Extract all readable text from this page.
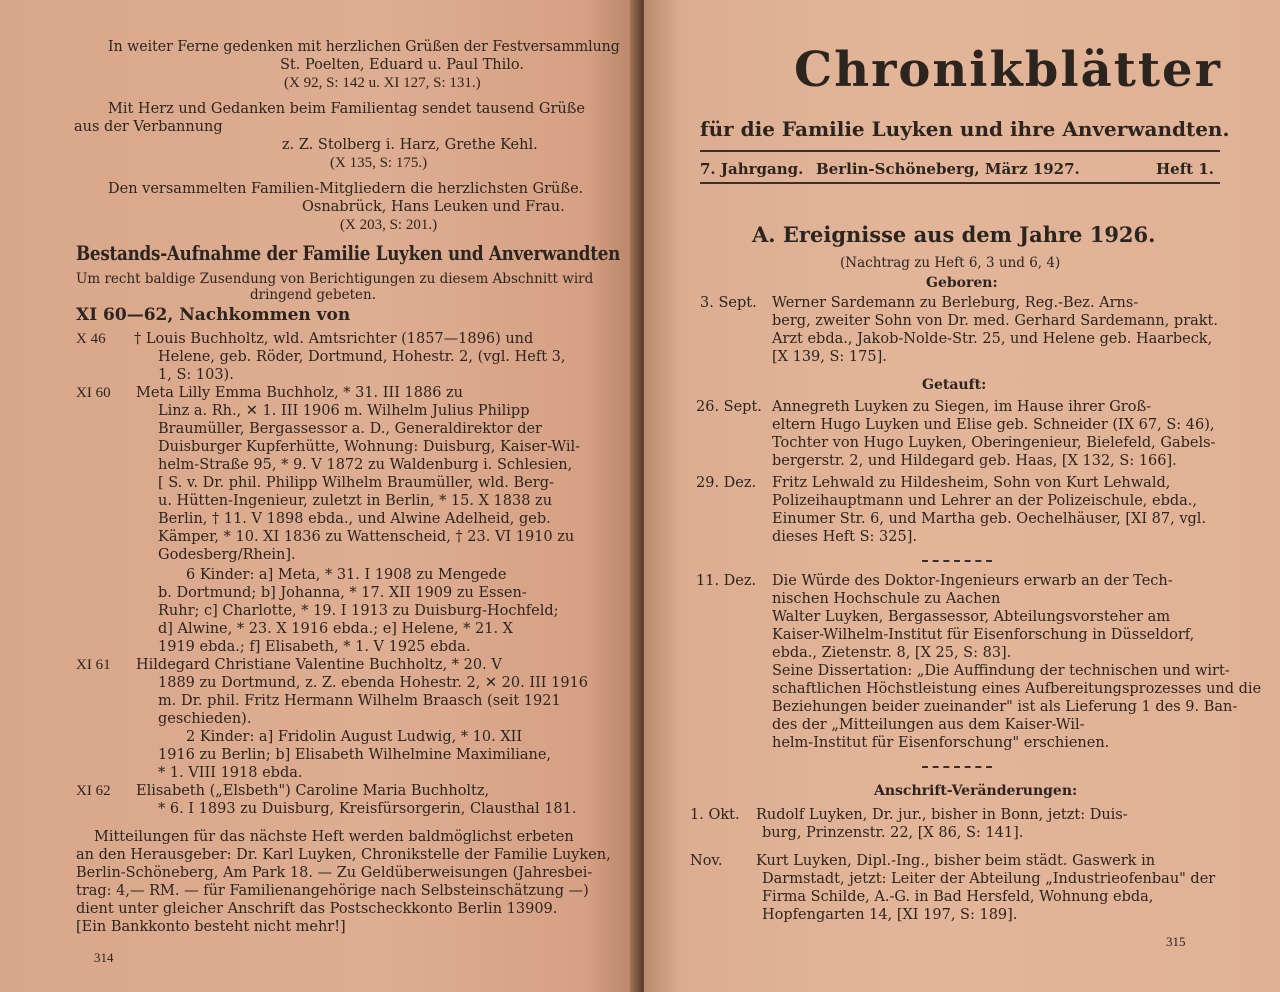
In weiter Ferne gedenken mit herzlichen Grüßen der Festversammlung
St. Poelten, Eduard u. Paul Thilo.
(X 92, S: 142 u. XI 127, S: 131.)
Mit Herz und Gedanken beim Familientag sendet tausend Grüße
aus der Verbannung
z. Z. Stolberg i. Harz, Grethe Kehl.
(X 135, S: 175.)
Den versammelten Familien-Mitgliedern die herzlichsten Grüße.
Osnabrück, Hans Leuken und Frau.
(X 203, S: 201.)
Bestands-Aufnahme der Familie Luyken und Anverwandten
Um recht baldige Zusendung von Berichtigungen zu diesem Abschnitt wird
dringend gebeten.
XI 60—62, Nachkommen von
X 46 † Louis Buchholtz, wld. Amtsrichter (1857—1896) und
Helene, geb. Röder, Dortmund, Hohestr. 2, (vgl. Heft 3,
1, S: 103).
XI 60 Meta Lilly Emma Buchholz, * 31. III 1886 zu
Linz a. Rh., ✕ 1. III 1906 m. Wilhelm Julius Philipp
Braumüller, Bergassessor a. D., Generaldirektor der
Duisburger Kupferhütte, Wohnung: Duisburg, Kaiser-Wil-
helm-Straße 95, * 9. V 1872 zu Waldenburg i. Schlesien,
[ S. v. Dr. phil. Philipp Wilhelm Braumüller, wld. Berg-
u. Hütten-Ingenieur, zuletzt in Berlin, * 15. X 1838 zu
Berlin, † 11. V 1898 ebda., und Alwine Adelheid, geb.
Kämper, * 10. XI 1836 zu Wattenscheid, † 23. VI 1910 zu
Godesberg/Rhein].
6 Kinder: a] Meta, * 31. I 1908 zu Mengede
b. Dortmund; b] Johanna, * 17. XII 1909 zu Essen-
Ruhr; c] Charlotte, * 19. I 1913 zu Duisburg-Hochfeld;
d] Alwine, * 23. X 1916 ebda.; e] Helene, * 21. X
1919 ebda.; f] Elisabeth, * 1. V 1925 ebda.
XI 61 Hildegard Christiane Valentine Buchholtz, * 20. V
1889 zu Dortmund, z. Z. ebenda Hohestr. 2, ✕ 20. III 1916
m. Dr. phil. Fritz Hermann Wilhelm Braasch (seit 1921
geschieden).
2 Kinder: a] Fridolin August Ludwig, * 10. XII
1916 zu Berlin; b] Elisabeth Wilhelmine Maximiliane,
* 1. VIII 1918 ebda.
XI 62 Elisabeth („Elsbeth") Caroline Maria Buchholtz,
* 6. I 1893 zu Duisburg, Kreisfürsorgerin, Clausthal 181.
Mitteilungen für das nächste Heft werden baldmöglichst erbeten
an den Herausgeber: Dr. Karl Luyken, Chronikstelle der Familie Luyken,
Berlin-Schöneberg, Am Park 18. — Zu Geldüberweisungen (Jahresbei-
trag: 4,— RM. — für Familienangehörige nach Selbsteinschätzung —)
dient unter gleicher Anschrift das Postscheckkonto Berlin 13909.
[Ein Bankkonto besteht nicht mehr!]
314
Chronikblätter
für die Familie Luyken und ihre Anverwandten.
7. Jahrgang. Berlin-Schöneberg, März 1927.	Heft 1.
A. Ereignisse aus dem Jahre 1926.
(Nachtrag zu Heft 6, 3 und 6, 4)
Geboren:
3. Sept. Werner Sardemann zu Berleburg, Reg.-Bez. Arns-
berg, zweiter Sohn von Dr. med. Gerhard Sardemann, prakt.
Arzt ebda., Jakob-Nolde-Str. 25, und Helene geb. Haarbeck,
[X 139, S: 175].
Getauft:
26. Sept. Annegreth Luyken zu Siegen, im Hause ihrer Groß-
eltern Hugo Luyken und Elise geb. Schneider (IX 67, S: 46),
Tochter von Hugo Luyken, Oberingenieur, Bielefeld, Gabels-
bergerstr. 2, und Hildegard geb. Haas, [X 132, S: 166].
29. Dez. Fritz Lehwald zu Hildesheim, Sohn von Kurt Lehwald,
Polizeihauptmann und Lehrer an der Polizeischule, ebda.,
Einumer Str. 6, und Martha geb. Oechelhäuser, [XI 87, vgl.
dieses Heft S: 325].
11. Dez. Die Würde des Doktor-Ingenieurs erwarb an der Tech-
nischen Hochschule zu Aachen
Walter Luyken, Bergassessor, Abteilungsvorsteher am
Kaiser-Wilhelm-Institut für Eisenforschung in Düsseldorf,
ebda., Zietenstr. 8, [X 25, S: 83].
Seine Dissertation: „Die Auffindung der technischen und wirt-
schaftlichen Höchstleistung eines Aufbereitungsprozesses und die
Beziehungen beider zueinander" ist als Lieferung 1 des 9. Ban-
des der „Mitteilungen aus dem Kaiser-Wil-
helm-Institut für Eisenforschung" erschienen.
Anschrift-Veränderungen:
1. Okt. Rudolf Luyken, Dr. jur., bisher in Bonn, jetzt: Duis-
burg, Prinzenstr. 22, [X 86, S: 141].
Nov. Kurt Luyken, Dipl.-Ing., bisher beim städt. Gaswerk in
Darmstadt, jetzt: Leiter der Abteilung „Industrieofenbau" der
Firma Schilde, A.-G. in Bad Hersfeld, Wohnung ebda,
Hopfengarten 14, [XI 197, S: 189].
315
